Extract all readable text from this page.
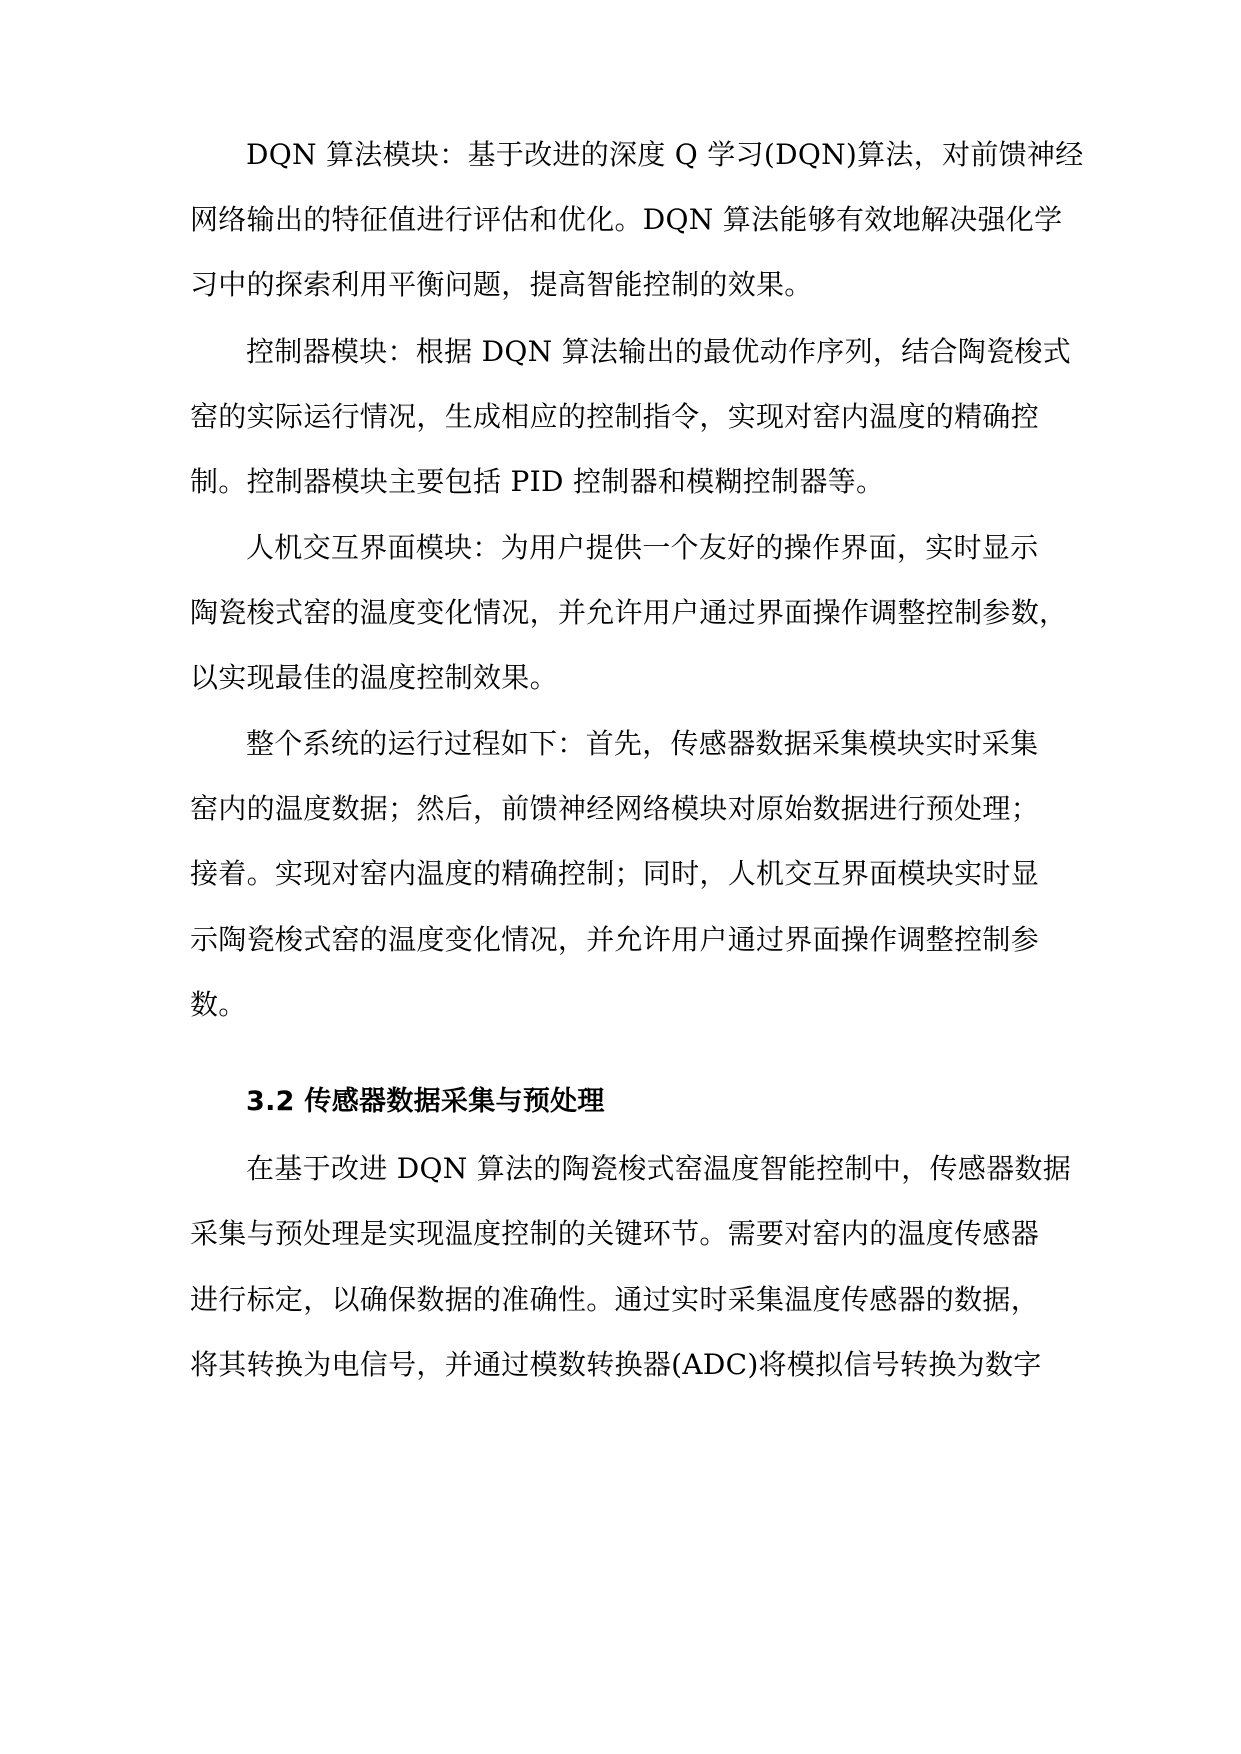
DQN 算法模块：基于改进的深度 Q 学习(DQN)算法，对前馈神经

网络输出的特征值进行评估和优化。DQN 算法能够有效地解决强化学

习中的探索利用平衡问题，提高智能控制的效果。

控制器模块：根据 DQN 算法输出的最优动作序列，结合陶瓷梭式

窑的实际运行情况，生成相应的控制指令，实现对窑内温度的精确控

制。控制器模块主要包括 PID 控制器和模糊控制器等。

人机交互界面模块：为用户提供一个友好的操作界面，实时显示

陶瓷梭式窑的温度变化情况，并允许用户通过界面操作调整控制参数，

以实现最佳的温度控制效果。

整个系统的运行过程如下：首先，传感器数据采集模块实时采集

窑内的温度数据；然后，前馈神经网络模块对原始数据进行预处理；

接着。实现对窑内温度的精确控制；同时，人机交互界面模块实时显

示陶瓷梭式窑的温度变化情况，并允许用户通过界面操作调整控制参

数。

3.2 传感器数据采集与预处理

在基于改进 DQN 算法的陶瓷梭式窑温度智能控制中，传感器数据

采集与预处理是实现温度控制的关键环节。需要对窑内的温度传感器

进行标定，以确保数据的准确性。通过实时采集温度传感器的数据，

将其转换为电信号，并通过模数转换器(ADC)将模拟信号转换为数字
